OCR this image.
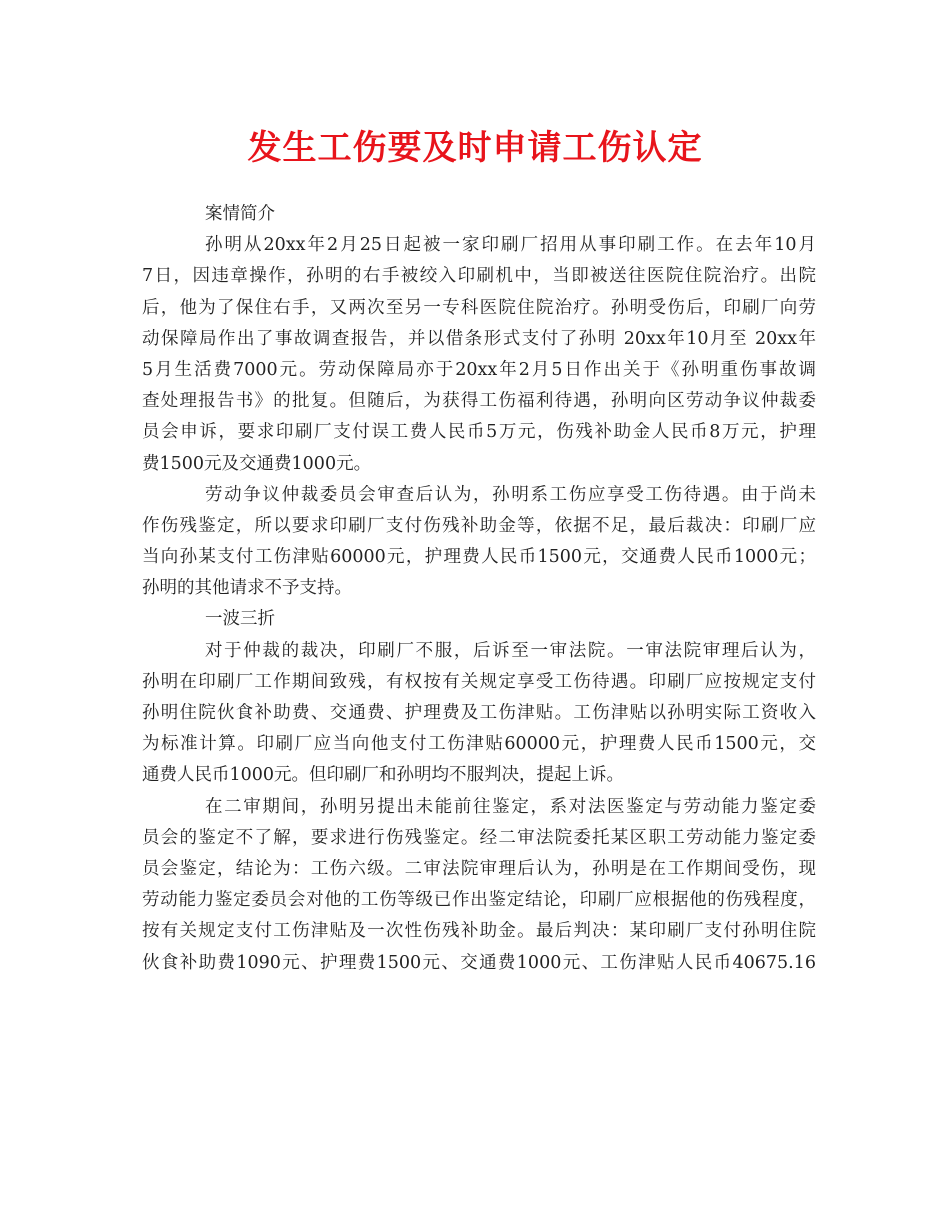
发生工伤要及时申请工伤认定
案情简介
孙明从20xx年2月25日起被一家印刷厂招用从事印刷工作。在去年10月
7日，因违章操作，孙明的右手被绞入印刷机中，当即被送往医院住院治疗。出院
后，他为了保住右手，又两次至另一专科医院住院治疗。孙明受伤后，印刷厂向劳
动保障局作出了事故调查报告，并以借条形式支付了孙明 20xx年10月至 20xx年
5月生活费7000元。劳动保障局亦于20xx年2月5日作出关于《孙明重伤事故调
查处理报告书》的批复。但随后，为获得工伤福利待遇，孙明向区劳动争议仲裁委
员会申诉，要求印刷厂支付误工费人民币5万元，伤残补助金人民币8万元，护理
费1500元及交通费1000元。
劳动争议仲裁委员会审查后认为，孙明系工伤应享受工伤待遇。由于尚未
作伤残鉴定，所以要求印刷厂支付伤残补助金等，依据不足，最后裁决：印刷厂应
当向孙某支付工伤津贴60000元，护理费人民币1500元，交通费人民币1000元；
孙明的其他请求不予支持。
一波三折
对于仲裁的裁决，印刷厂不服，后诉至一审法院。一审法院审理后认为，
孙明在印刷厂工作期间致残，有权按有关规定享受工伤待遇。印刷厂应按规定支付
孙明住院伙食补助费、交通费、护理费及工伤津贴。工伤津贴以孙明实际工资收入
为标准计算。印刷厂应当向他支付工伤津贴60000元，护理费人民币1500元，交
通费人民币1000元。但印刷厂和孙明均不服判决，提起上诉。
在二审期间，孙明另提出未能前往鉴定，系对法医鉴定与劳动能力鉴定委
员会的鉴定不了解，要求进行伤残鉴定。经二审法院委托某区职工劳动能力鉴定委
员会鉴定，结论为：工伤六级。二审法院审理后认为，孙明是在工作期间受伤，现
劳动能力鉴定委员会对他的工伤等级已作出鉴定结论，印刷厂应根据他的伤残程度，
按有关规定支付工伤津贴及一次性伤残补助金。最后判决：某印刷厂支付孙明住院
伙食补助费1090元、护理费1500元、交通费1000元、工伤津贴人民币40675.16
